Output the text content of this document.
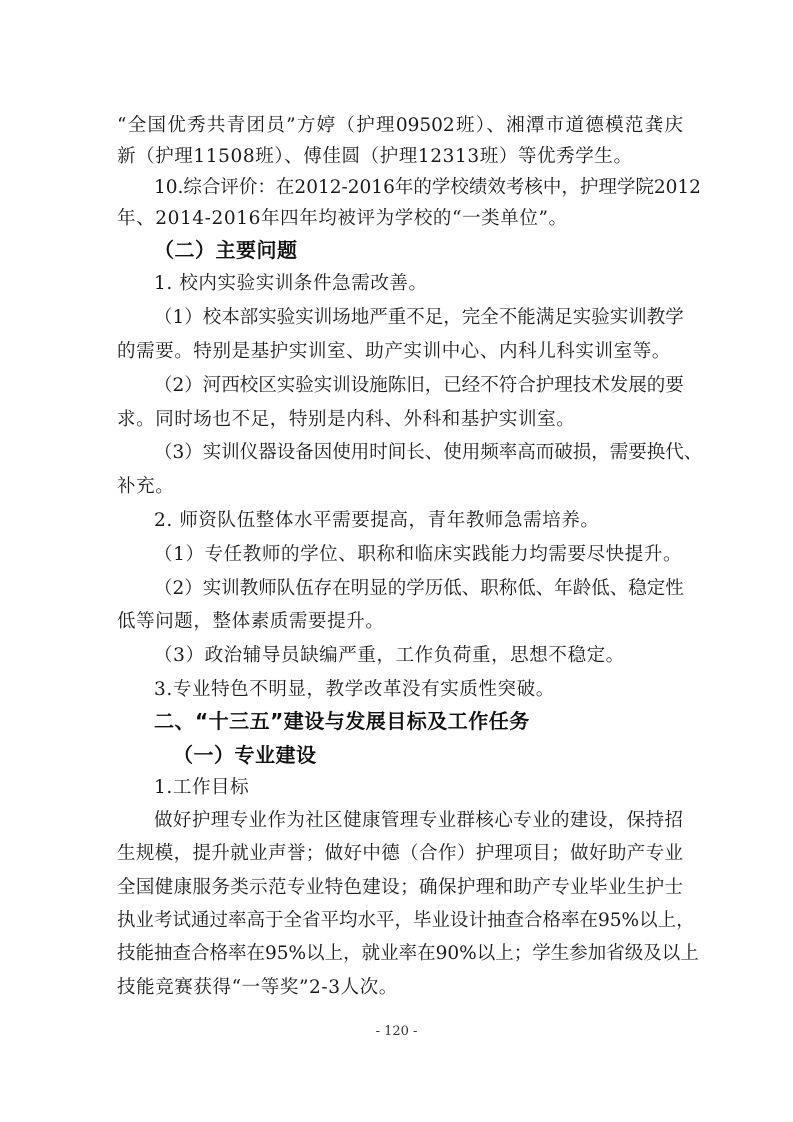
“全国优秀共青团员”方婷（护理09502班）、湘潭市道德模范龚庆
新（护理11508班）、傅佳圆（护理12313班）等优秀学生。
10.综合评价：在2012-2016年的学校绩效考核中，护理学院2012
年、2014-2016年四年均被评为学校的“一类单位”。
（二）主要问题
1. 校内实验实训条件急需改善。
（1）校本部实验实训场地严重不足，完全不能满足实验实训教学
的需要。特别是基护实训室、助产实训中心、内科儿科实训室等。
（2）河西校区实验实训设施陈旧，已经不符合护理技术发展的要
求。同时场也不足，特别是内科、外科和基护实训室。
（3）实训仪器设备因使用时间长、使用频率高而破损，需要换代、
补充。
2. 师资队伍整体水平需要提高，青年教师急需培养。
（1）专任教师的学位、职称和临床实践能力均需要尽快提升。
（2）实训教师队伍存在明显的学历低、职称低、年龄低、稳定性
低等问题，整体素质需要提升。
（3）政治辅导员缺编严重，工作负荷重，思想不稳定。
3.专业特色不明显，教学改革没有实质性突破。
二、“十三五”建设与发展目标及工作任务
（一）专业建设
1.工作目标
做好护理专业作为社区健康管理专业群核心专业的建设，保持招
生规模，提升就业声誉；做好中德（合作）护理项目；做好助产专业
全国健康服务类示范专业特色建设；确保护理和助产专业毕业生护士
执业考试通过率高于全省平均水平，毕业设计抽查合格率在95%以上，
技能抽查合格率在95%以上，就业率在90%以上；学生参加省级及以上
技能竞赛获得“一等奖”2-3人次。
- 120 -
